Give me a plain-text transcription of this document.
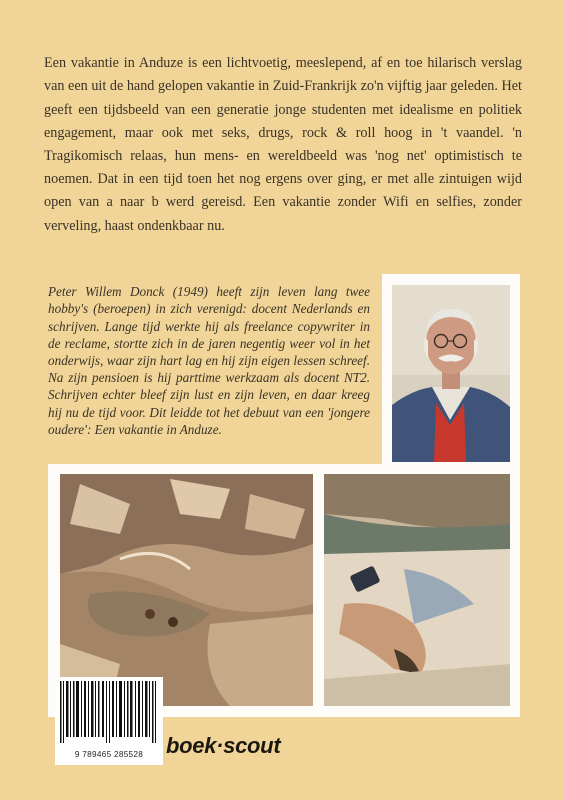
Een vakantie in Anduze is een lichtvoetig, meeslepend, af en toe hilarisch verslag van een uit de hand gelopen vakantie in Zuid-Frankrijk zo'n vijftig jaar geleden. Het geeft een tijdsbeeld van een generatie jonge studenten met idealisme en politiek engagement, maar ook met seks, drugs, rock & roll hoog in 't vaandel. 'n Tragikomisch relaas, hun mens- en wereldbeeld was 'nog net' optimistisch te noemen. Dat in een tijd toen het nog ergens over ging, er met alle zintuigen wijd open van a naar b werd gereisd. Een vakantie zonder Wifi en selfies, zonder verveling, haast ondenkbaar nu.

Peter Willem Donck (1949) heeft zijn leven lang twee hobby's (beroepen) in zich verenigd: docent Nederlands en schrijven. Lange tijd werkte hij als freelance copywriter in de reclame, stortte zich in de jaren negentig weer vol in het onderwijs, waar zijn hart lag en hij zijn eigen lessen schreef. Na zijn pensioen is hij parttime werkzaam als docent NT2. Schrijven echter bleef zijn lust en zijn leven, en daar kreeg hij nu de tijd voor. Dit leidde tot het debuut van een 'jongere oudere': Een vakantie in Anduze.

9 789465 285528	boek·scout
